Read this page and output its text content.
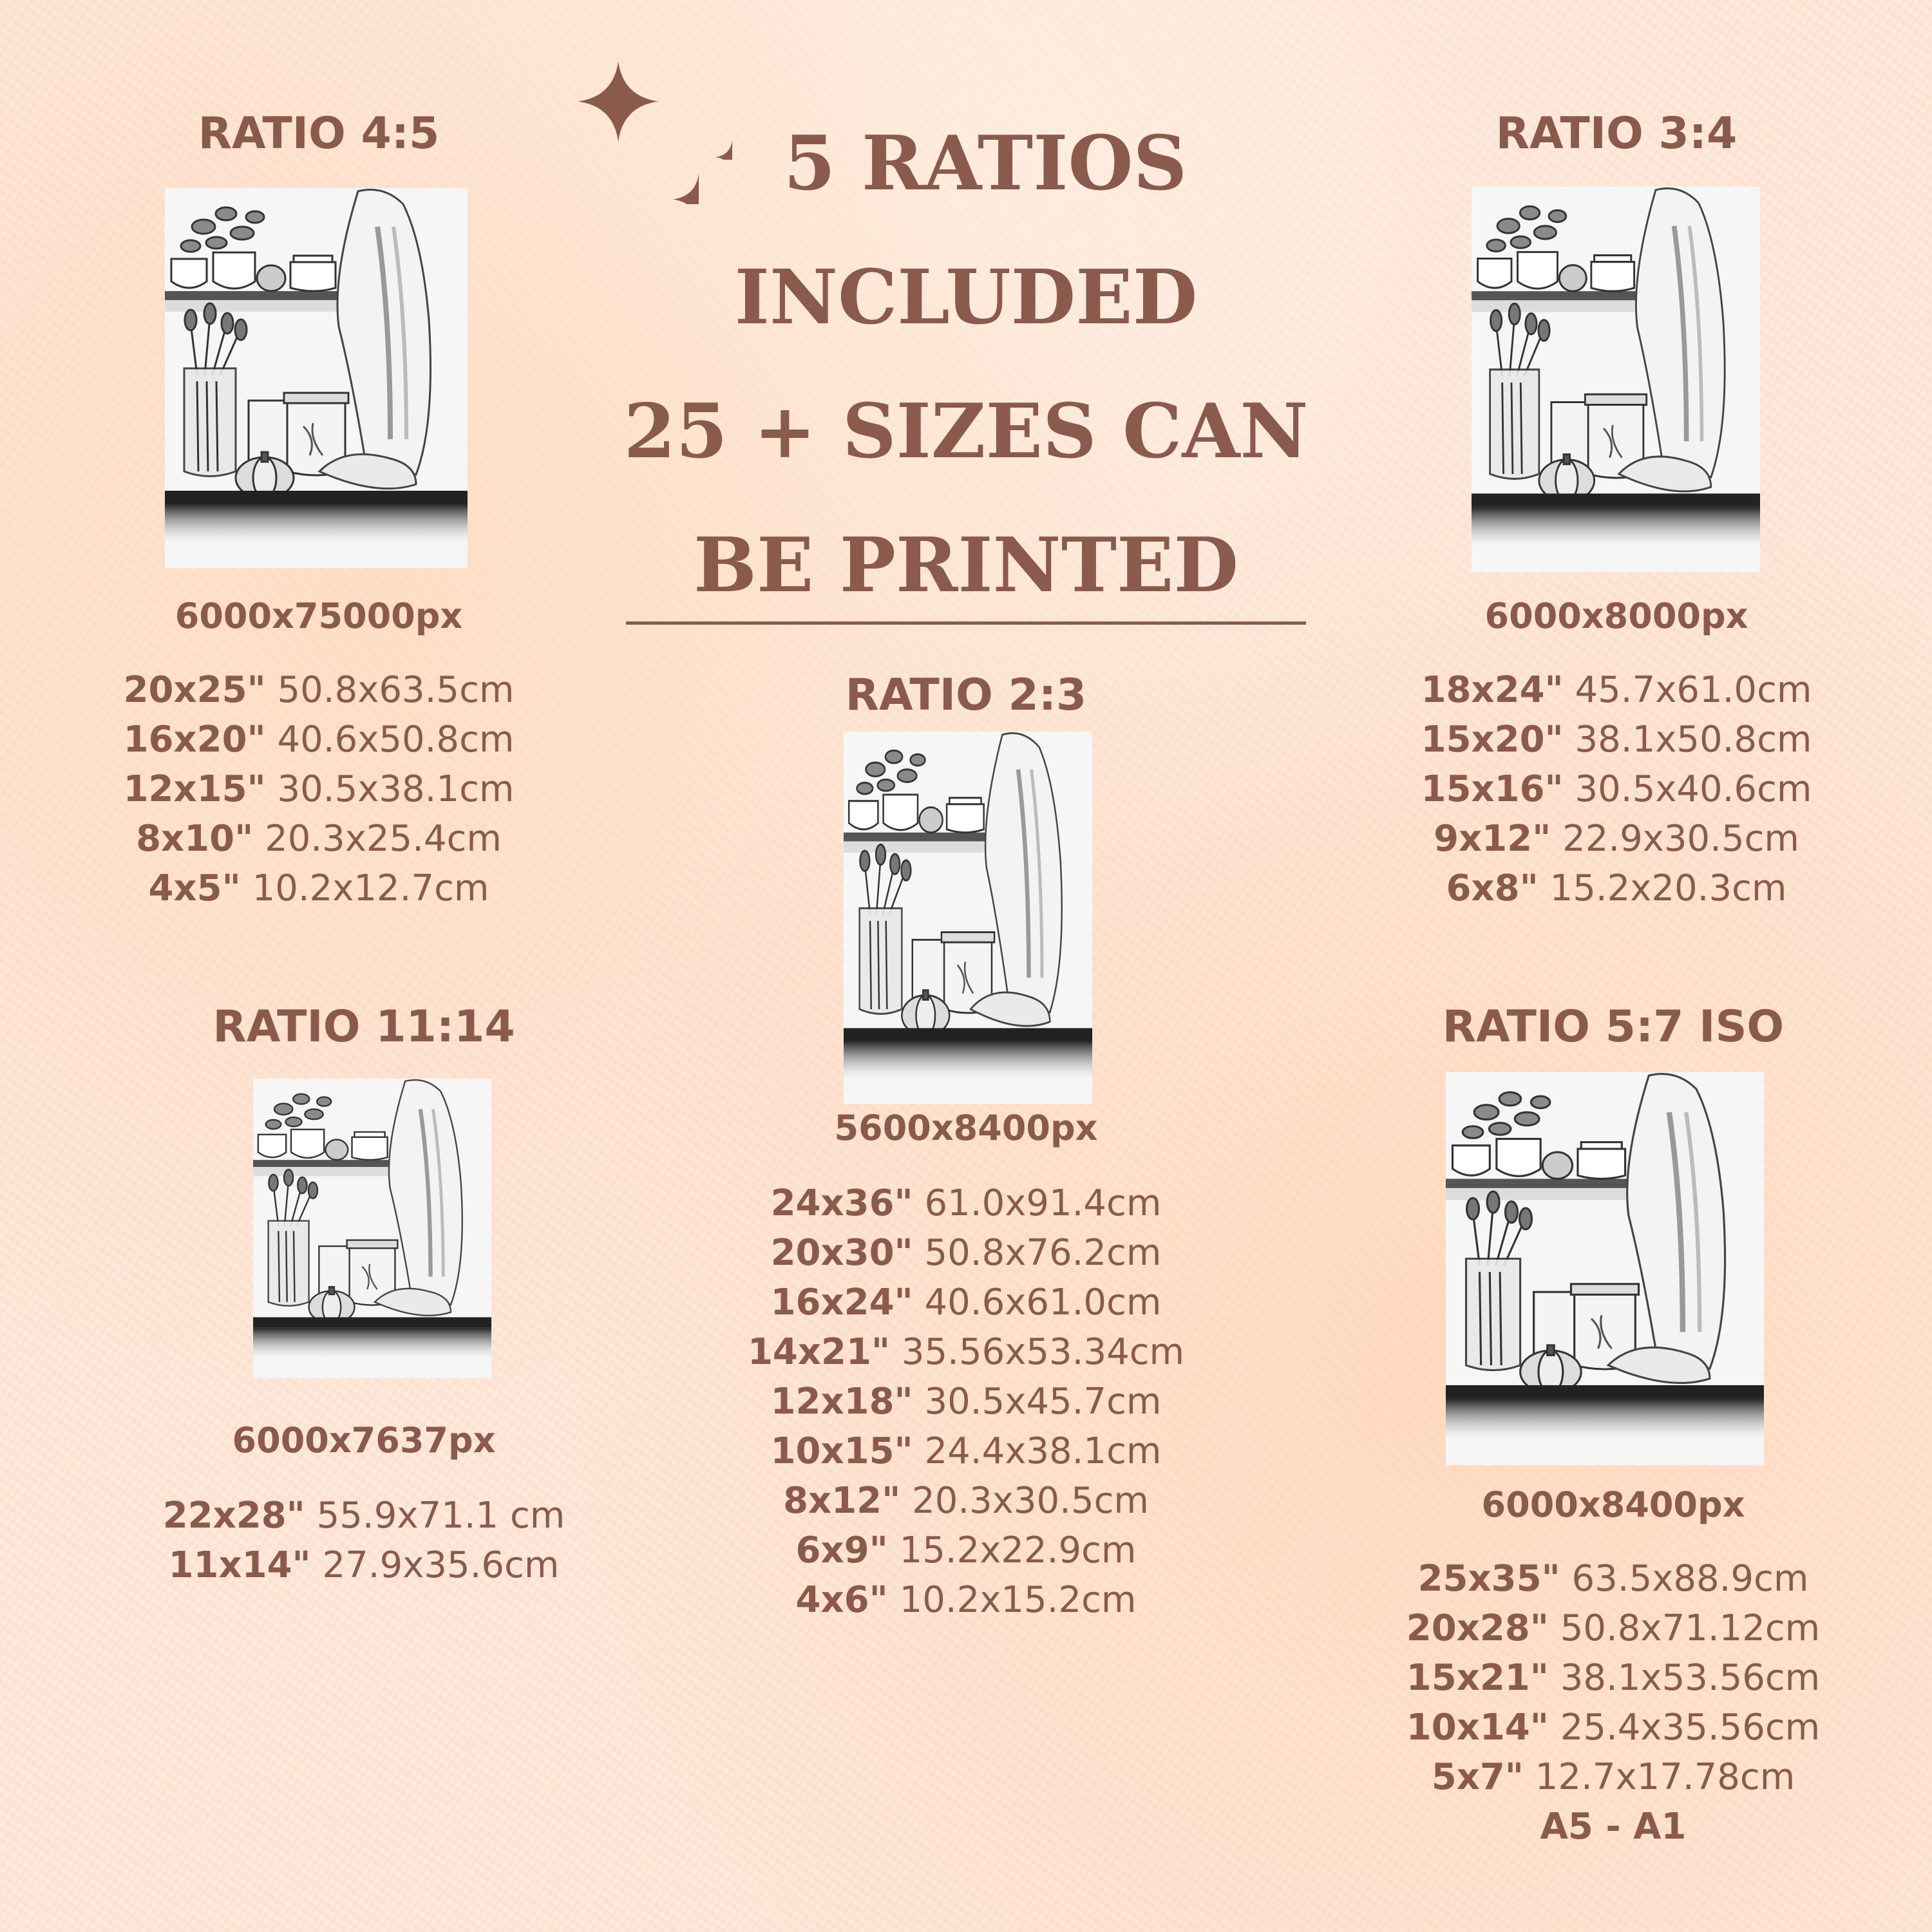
RATIO 4:5
6000x75000px
20x25" 50.8x63.5cm
16x20" 40.6x50.8cm
12x15" 30.5x38.1cm
8x10" 20.3x25.4cm
4x5" 10.2x12.7cm
5 RATIOS
INCLUDED
25 + SIZES CAN
BE PRINTED
RATIO 3:4
6000x8000px
18x24" 45.7x61.0cm
15x20" 38.1x50.8cm
15x16" 30.5x40.6cm
9x12" 22.9x30.5cm
6x8" 15.2x20.3cm
RATIO 2:3
5600x8400px
24x36" 61.0x91.4cm
20x30" 50.8x76.2cm
16x24" 40.6x61.0cm
14x21" 35.56x53.34cm
12x18" 30.5x45.7cm
10x15" 24.4x38.1cm
8x12" 20.3x30.5cm
6x9" 15.2x22.9cm
4x6" 10.2x15.2cm
RATIO 11:14
6000x7637px
22x28" 55.9x71.1 cm
11x14" 27.9x35.6cm
RATIO 5:7 ISO
6000x8400px
25x35" 63.5x88.9cm
20x28" 50.8x71.12cm
15x21" 38.1x53.56cm
10x14" 25.4x35.56cm
5x7" 12.7x17.78cm
A5 - A1
